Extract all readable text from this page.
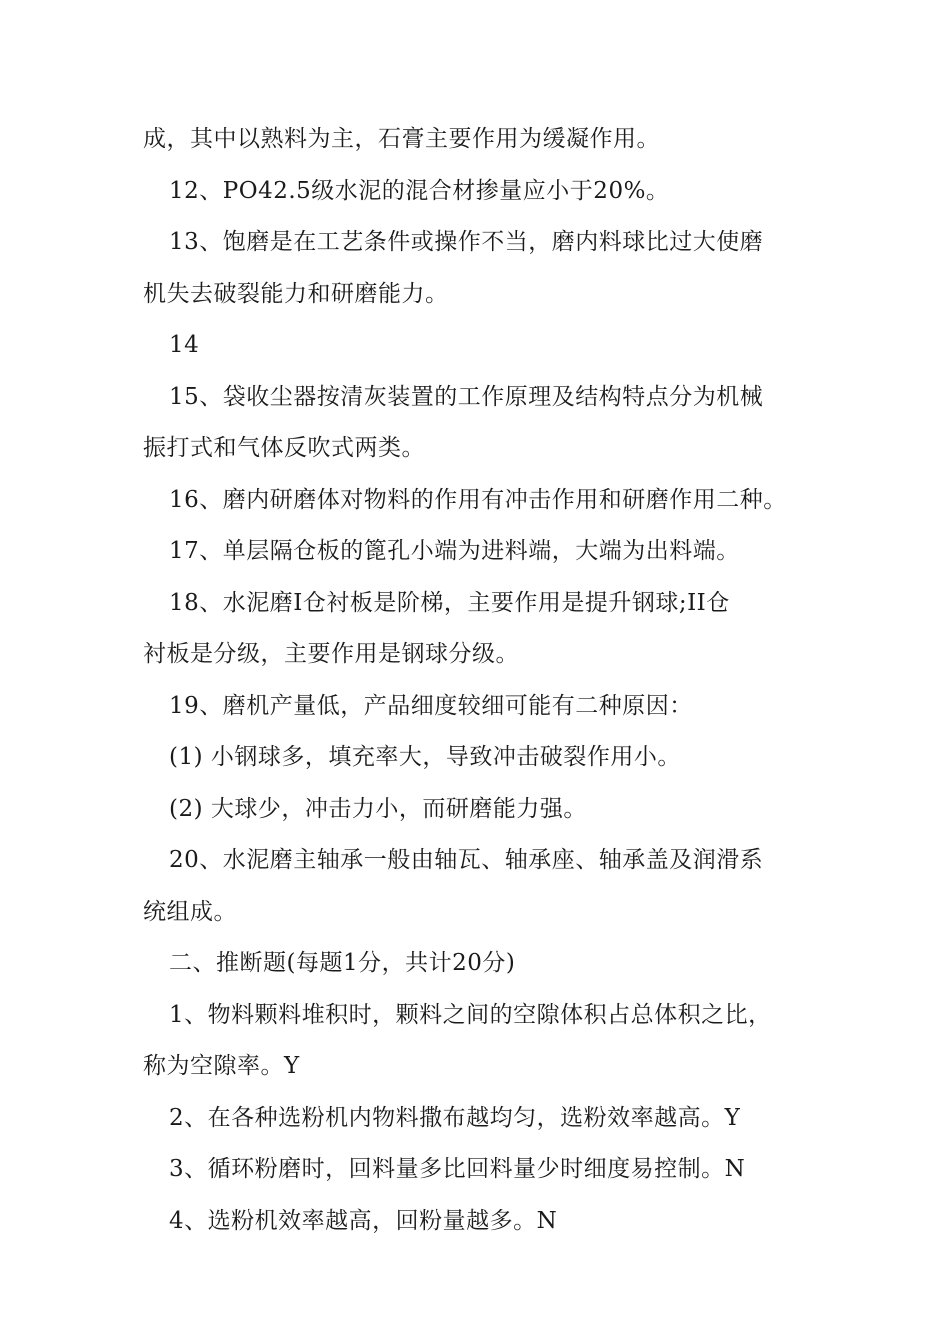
成，其中以熟料为主，石膏主要作用为缓凝作用。
12、PO42.5级水泥的混合材掺量应小于20%。
13、饱磨是在工艺条件或操作不当，磨内料球比过大使磨
机失去破裂能力和研磨能力。
14
15、袋收尘器按清灰装置的工作原理及结构特点分为机械
振打式和气体反吹式两类。
16、磨内研磨体对物料的作用有冲击作用和研磨作用二种。
17、单层隔仓板的篦孔小端为进料端，大端为出料端。
18、水泥磨I仓衬板是阶梯，主要作用是提升钢球;II仓
衬板是分级，主要作用是钢球分级。
19、磨机产量低，产品细度较细可能有二种原因：
(1) 小钢球多，填充率大，导致冲击破裂作用小。
(2) 大球少，冲击力小，而研磨能力强。
20、水泥磨主轴承一般由轴瓦、轴承座、轴承盖及润滑系
统组成。
二、推断题(每题1分，共计20分)
1、物料颗料堆积时，颗料之间的空隙体积占总体积之比，
称为空隙率。Y
2、在各种选粉机内物料撒布越均匀，选粉效率越高。Y
3、循环粉磨时，回料量多比回料量少时细度易控制。N
4、选粉机效率越高，回粉量越多。N
